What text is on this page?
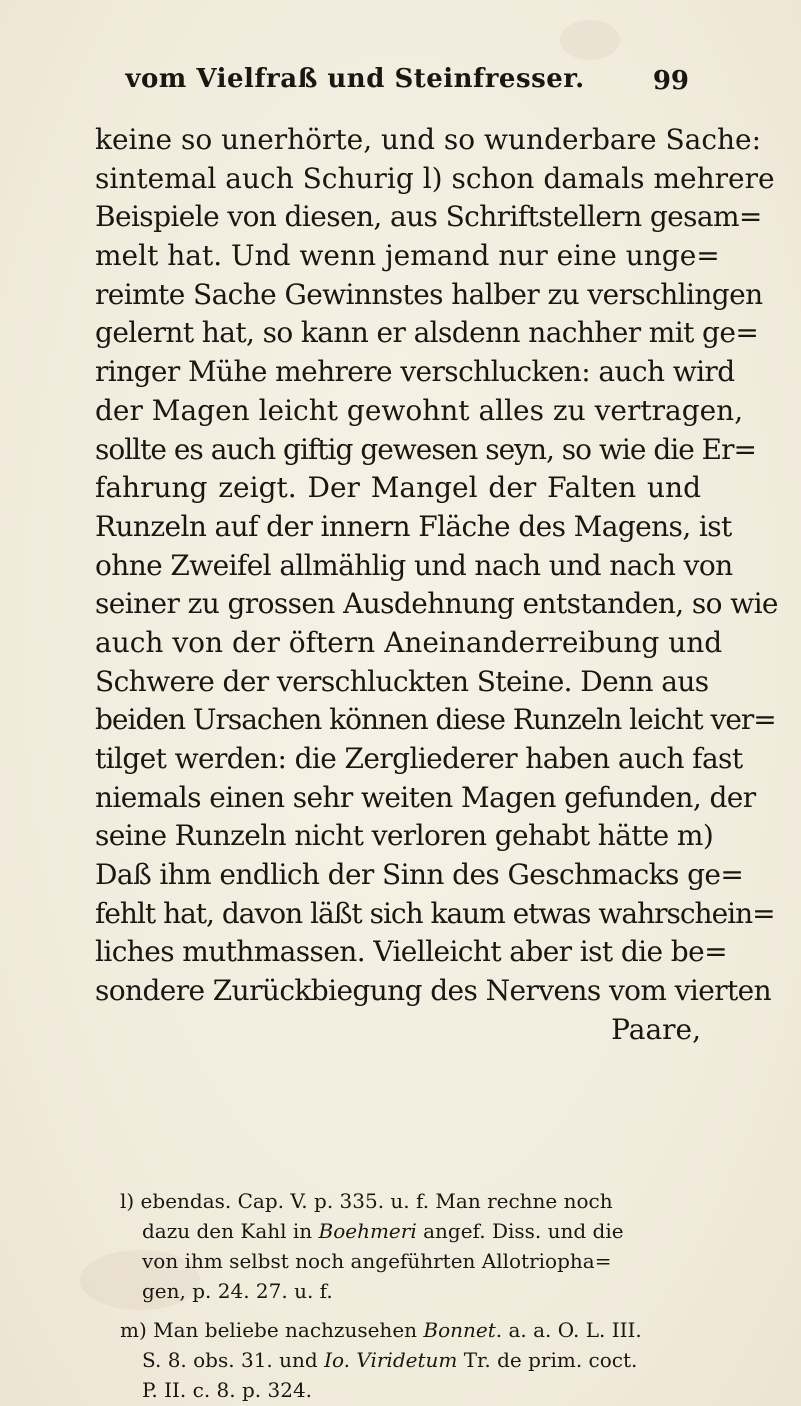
vom Vielfraß und Steinfresser.	99
keine so unerhörte, und so wunderbare Sache:
sintemal auch Schurig l) schon damals mehrere
Beispiele von diesen, aus Schriftstellern gesam=
melt hat. Und wenn jemand nur eine unge=
reimte Sache Gewinnstes halber zu verschlingen
gelernt hat, so kann er alsdenn nachher mit ge=
ringer Mühe mehrere verschlucken: auch wird
der Magen leicht gewohnt alles zu vertragen,
sollte es auch giftig gewesen seyn, so wie die Er=
fahrung zeigt. Der Mangel der Falten und
Runzeln auf der innern Fläche des Magens, ist
ohne Zweifel allmählig und nach und nach von
seiner zu grossen Ausdehnung entstanden, so wie
auch von der öftern Aneinanderreibung und
Schwere der verschluckten Steine. Denn aus
beiden Ursachen können diese Runzeln leicht ver=
tilget werden: die Zergliederer haben auch fast
niemals einen sehr weiten Magen gefunden, der
seine Runzeln nicht verloren gehabt hätte m)
Daß ihm endlich der Sinn des Geschmacks ge=
fehlt hat, davon läßt sich kaum etwas wahrschein=
liches muthmassen. Vielleicht aber ist die be=
sondere Zurückbiegung des Nervens vom vierten
Paare,
l) ebendas. Cap. V. p. 335. u. f. Man rechne noch
dazu den Kahl in Boehmeri angef. Diss. und die
von ihm selbst noch angeführten Allotriopha=
gen, p. 24. 27. u. f.
m) Man beliebe nachzusehen Bonnet. a. a. O. L. III.
S. 8. obs. 31. und Io. Viridetum Tr. de prim. coct.
P. II. c. 8. p. 324.
